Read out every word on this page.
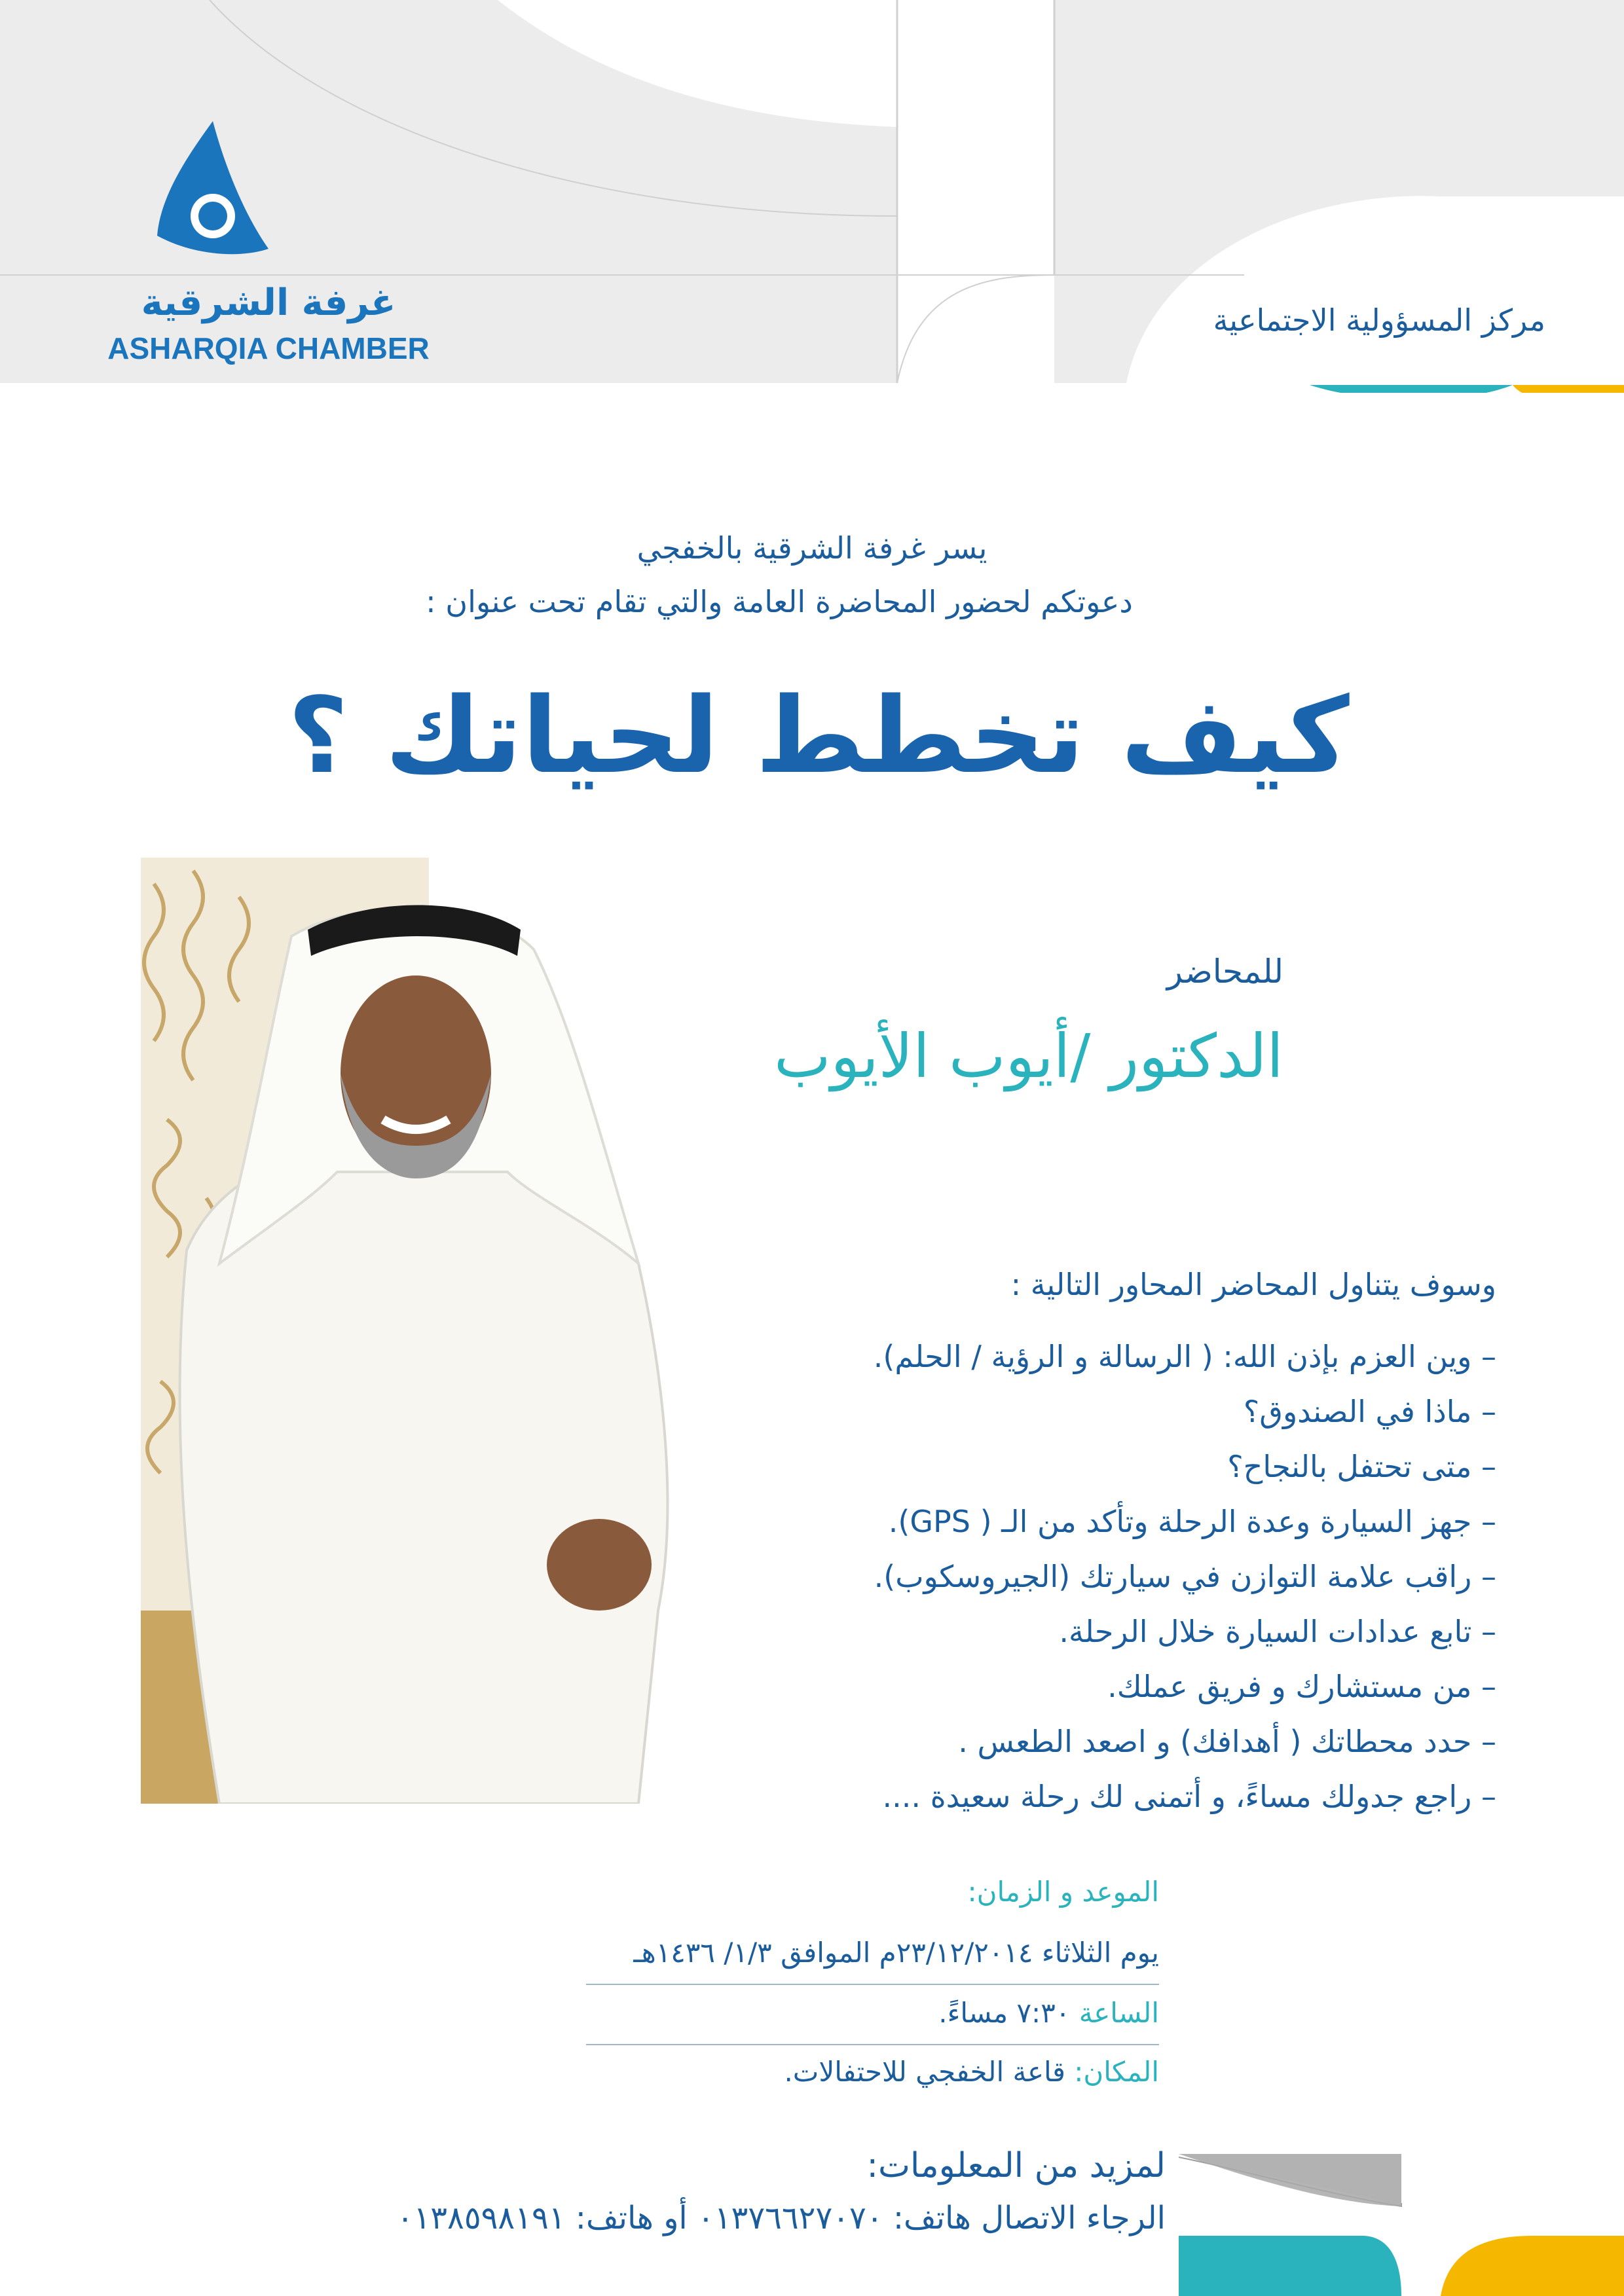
غرفة الشرقية
ASHARQIA CHAMBER
مركز المسؤولية الاجتماعية
يسر غرفة الشرقية بالخفجي
دعوتكم لحضور المحاضرة العامة والتي تقام تحت عنوان :
كيف تخطط لحياتك ؟
للمحاضر
الدكتور /أيوب الأيوب
وسوف يتناول المحاضر المحاور التالية :
– وين العزم بإذن الله: ( الرسالة و الرؤية / الحلم).
– ماذا في الصندوق؟
– متى تحتفل بالنجاح؟
– جهز السيارة وعدة الرحلة وتأكد من الـ ( GPS).
– راقب علامة التوازن في سيارتك (الجيروسكوب).
– تابع عدادات السيارة خلال الرحلة.
– من مستشارك و فريق عملك.
– حدد محطاتك ( أهدافك) و اصعد الطعس .
– راجع جدولك مساءً، و أتمنى لك رحلة سعيدة ....
الموعد و الزمان:
يوم الثلاثاء ٢٣/١٢/٢٠١٤م الموافق ١/٣/ ١٤٣٦هـ
الساعة ٧:٣٠ مساءً.
المكان: قاعة الخفجي للاحتفالات.
لمزيد من المعلومات:
الرجاء الاتصال هاتف: ٠١٣٧٦٦٢٧٠٧٠ أو هاتف: ٠١٣٨٥٩٨١٩١
